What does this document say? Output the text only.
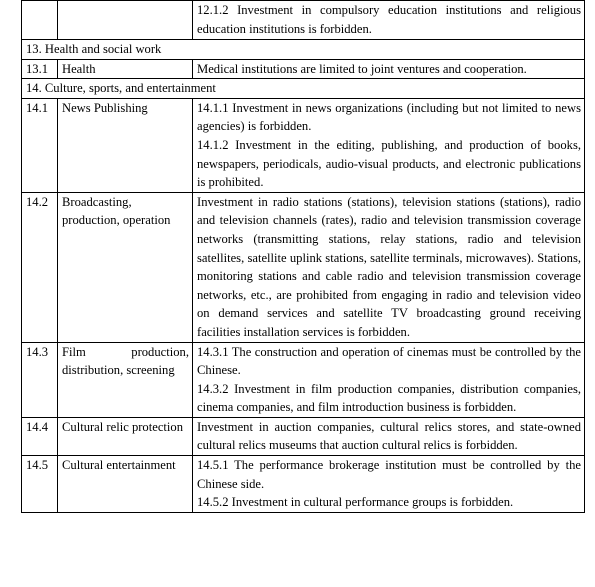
		12.1.2 Investment in compulsory education institutions and religious education institutions is forbidden.

13. Health and social work		
13.1	Health	Medical institutions are limited to joint ventures and cooperation.

14. Culture, sports, and entertainment		
14.1	News Publishing	14.1.1 Investment in news organizations (including but not limited to news agencies) is forbidden.

14.1.2 Investment in the editing, publishing, and production of books, newspapers, periodicals, audio-visual products, and electronic publications is prohibited.

14.2	Broadcasting, production, operation	Investment in radio stations (stations), television stations (stations), radio and television channels (rates), radio and television transmission coverage networks (transmitting stations, relay stations, radio and television satellites, satellite uplink stations, satellite terminals, microwaves). Stations, monitoring stations and cable radio and television transmission coverage networks, etc., are prohibited from engaging in radio and television video on demand services and satellite TV broadcasting ground receiving facilities installation services is forbidden.

14.3	Film production, distribution, screening	14.3.1 The construction and operation of cinemas must be controlled by the Chinese.

14.3.2 Investment in film production companies, distribution companies, cinema companies, and film introduction business is forbidden.

14.4	Cultural relic protection	Investment in auction companies, cultural relics stores, and state-owned cultural relics museums that auction cultural relics is forbidden.

14.5	Cultural entertainment	14.5.1 The performance brokerage institution must be controlled by the Chinese side.

14.5.2 Investment in cultural performance groups is forbidden.
